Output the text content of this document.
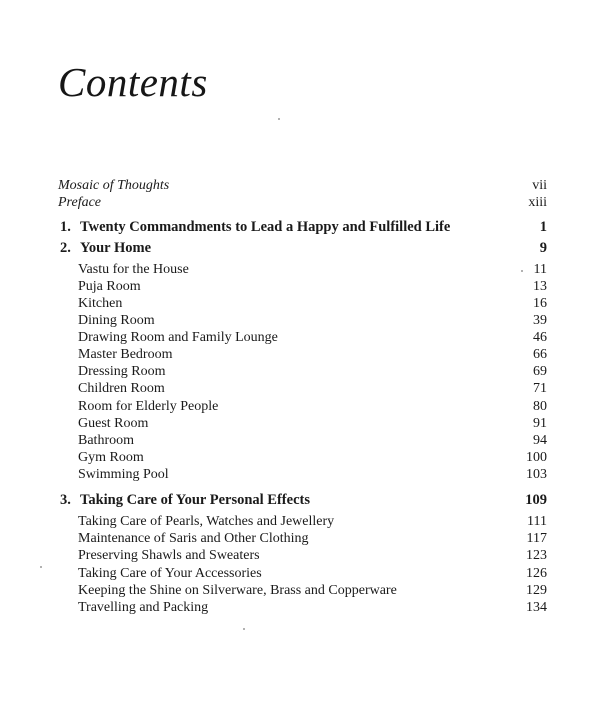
Contents
Mosaic of Thoughts	vii
Preface	xiii
1. Twenty Commandments to Lead a Happy and Fulfilled Life	1
2. Your Home	9
Vastu for the House	11
Puja Room	13
Kitchen	16
Dining Room	39
Drawing Room and Family Lounge	46
Master Bedroom	66
Dressing Room	69
Children Room	71
Room for Elderly People	80
Guest Room	91
Bathroom	94
Gym Room	100
Swimming Pool	103
3. Taking Care of Your Personal Effects	109
Taking Care of Pearls, Watches and Jewellery	111
Maintenance of Saris and Other Clothing	117
Preserving Shawls and Sweaters	123
Taking Care of Your Accessories	126
Keeping the Shine on Silverware, Brass and Copperware	129
Travelling and Packing	134
